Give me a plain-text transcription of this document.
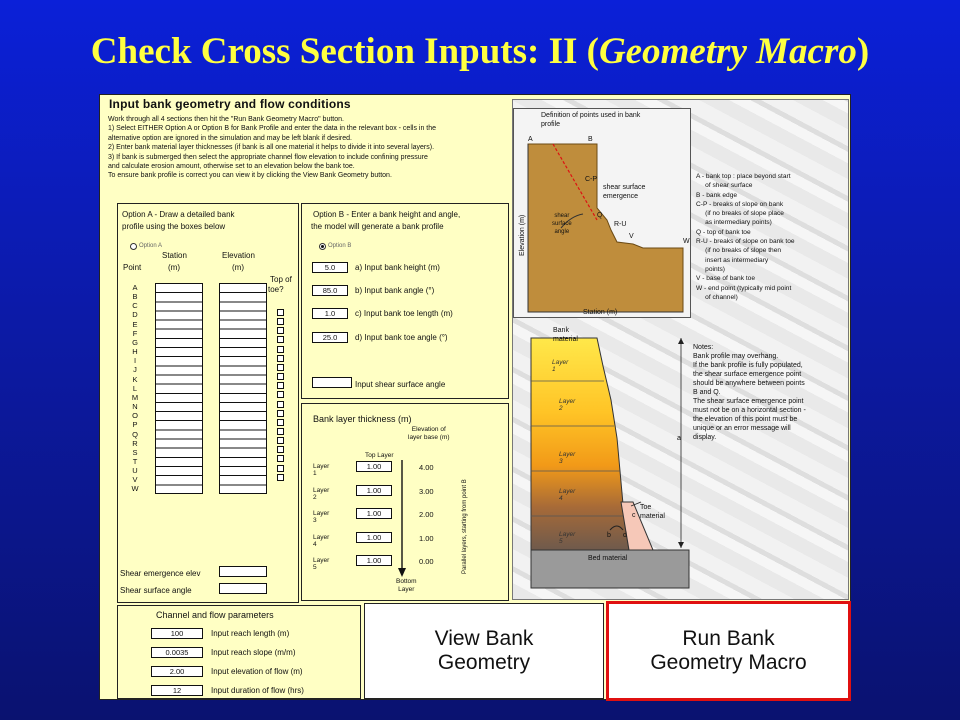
Check Cross Section Inputs: II (Geometry Macro)
Input bank geometry and flow conditions
Work through all 4 sections then hit the "Run Bank Geometry Macro" button.
1) Select EITHER Option A or Option B for Bank Profile and enter the data in the relevant box - cells in the
alternative option are ignored in the simulation and may be left blank if desired.
2) Enter bank material layer thicknesses (if bank is all one material it helps to divide it into several layers).
3) If bank is submerged then select the appropriate channel flow elevation to include confining pressure
and calculate erosion amount, otherwise set to an elevation below the bank toe.
To ensure bank profile is correct you can view it by clicking the View Bank Geometry button.
Option A - Draw a detailed bank
profile using the boxes below
Option A
Station
(m)
Elevation
(m)
Point
Top of
toe?
A
B
C
D
E
F
G
H
I
J
K
L
M
N
O
P
Q
R
S
T
U
V
W
Shear emergence elev
Shear surface angle
Option B - Enter a bank height and angle,
the model will generate a bank profile
Option B
5.0	a) Input bank height (m)
85.0	b) Input bank angle (°)
1.0	c) Input bank toe length (m)
25.0	d) Input bank toe angle (°)
Input shear surface angle
Bank layer thickness (m)
Elevation of
layer base (m)
Top Layer
Layer 1
1.00	4.00
Layer 2
1.00	3.00
Layer 3
1.00	2.00
Layer 4
1.00	1.00
Layer 5
1.00	0.00
Bottom
Layer
Parallel layers, starting from point B
Channel and flow parameters
100	Input reach length (m)
0.0035	Input reach slope (m/m)
2.00	Input elevation of flow (m)
12	Input duration of flow (hrs)
View Bank
Geometry
Run Bank
Geometry Macro
Definition of points used in bank
profile
A	B
C-P
shear surface
emergence
shear
surface
angle
Q
R-U
V
W
Elevation (m)
Station (m)
A - bank top : place beyond start
of shear surface
B - bank edge
C-P - breaks of slope on bank
(if no breaks of slope place
as intermediary points)
Q - top of bank toe
R-U - breaks of slope on bank toe
(if no breaks of slope then
insert as intermediary
points)
V - base of bank toe
W - end point (typically mid point
of channel)
Bank
material
Layer 1
Layer 2
Layer 3
Layer 4
Layer 5
Toe
material
Bed material
a
b
c
d
Notes:
Bank profile may overhang.
If the bank profile is fully populated,
the shear surface emergence point
should be anywhere between points
B and Q.
The shear surface emergence point
must not be on a horizontal section -
the elevation of this point must be
unique or an error message will
display.
